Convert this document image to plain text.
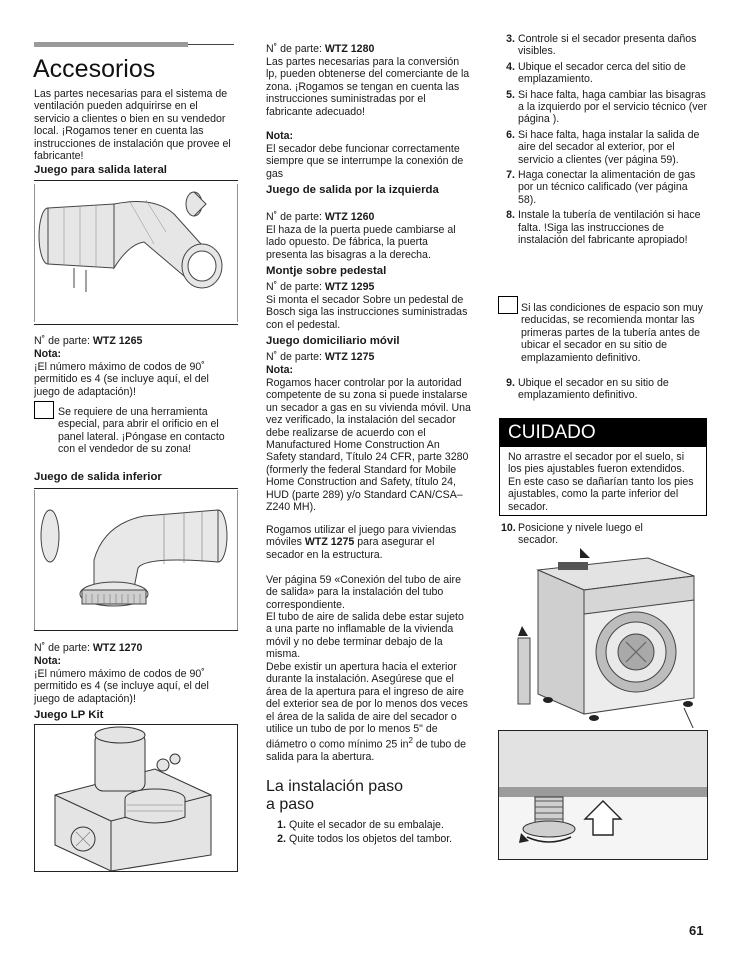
Accesorios

Las partes necesarias para el sistema de ventilación pueden adquirirse en el servicio a clientes o bien en su vendedor local. ¡Rogamos tener en cuenta las instrucciones de instalación que provee el fabricante!

Juego para salida lateral
N˚ de parte: WTZ 1265
Nota:

¡El número máximo de codos de 90˚ permitido es 4 (se incluye aquí, el del juego de adaptación)!

Se requiere de una herramienta especial, para abrir el orificio en el panel lateral. ¡Póngase en contacto con el vendedor de su zona!

Juego de salida inferior
N˚ de parte: WTZ 1270
Nota:

¡El número máximo de codos de 90˚ permitido es 4 (se incluye aquí, el del juego de adaptación)!

Juego LP Kit
N˚ de parte: WTZ 1280

Las partes necesarias para la conversión lp, pueden obtenerse del comerciante de la zona. ¡Rogamos se tengan en cuenta las instrucciones suministradas por el fabricante adecuado!

Nota:

El secador debe funcionar correctamente siempre que se interrumpe la conexión de gas

Juego de salida por la izquierda
N˚ de parte: WTZ 1260

El haza de la puerta puede cambiarse al lado opuesto. De fábrica, la puerta presenta las bisagras a la derecha.

Montje sobre pedestal
N˚ de parte: WTZ 1295

Si monta el secador Sobre un pedestal de Bosch siga las instrucciones suministradas con el pedestal.

Juego domiciliario móvil
N˚ de parte: WTZ 1275
Nota:

Rogamos hacer controlar por la autoridad competente de su zona si puede instalarse un secador a gas en su vivienda móvil. Una vez verificado, la instalación del secador debe realizarse de acuerdo con el Manufactured Home Construction An Safety standard, Título 24 CFR, parte 3280 (formerly the federal Standard for Mobile Home Construction and Safety, título 24, HUD (parte 289) y/o Standard CAN/CSA–Z240 MH).

Rogamos utilizar el juego para viviendas móviles WTZ 1275 para asegurar el secador en la estructura.

Ver página 59 «Conexión del tubo de aire de salida» para la instalación del tubo correspondiente.

El tubo de aire de salida debe estar sujeto a una parte no inflamable de la vivienda móvil y no debe terminar debajo de la misma.

Debe existir un apertura hacia el exterior durante la instalación. Asegúrese que el área de la apertura para el ingreso de aire del exterior sea de por lo menos dos veces el área de la salida de aire del secador o utilice un tubo de por lo menos 5" de diámetro o como mínimo 25 $in^2$ de tubo de salida para la abertura.

La instalación paso
a paso
1. Quite el secador de su embalaje.
2. Quite todos los objetos del tambor.
3. Controle si el secador presenta daños visibles.
4. Ubique el secador cerca del sitio de emplazamiento.
5. Si hace falta, haga cambiar las bisagras a la izquierdo por el servicio técnico (ver página ).
6. Si hace falta, haga instalar la salida de aire del secador al exterior, por el servicio a clientes (ver página 59).
7. Haga conectar la alimentación de gas por un técnico calificado (ver página 58).
8. Instale la tubería de ventilación si hace falta. !Siga las instrucciones de instalación del fabricante apropiado!

Si las condiciones de espacio son muy reducidas, se recomienda montar las primeras partes de la tubería antes de ubicar el secador en su sitio de emplazamiento definitivo.

9. Ubique el secador en su sitio de emplazamiento definitivo.
CUIDADO

No arrastre el secador por el suelo, si los pies ajustables fueron extendidos. En este caso se dañarían tanto los pies ajustables, como la parte inferior del secador.

10. Posicione y nivele luego el secador.
61
